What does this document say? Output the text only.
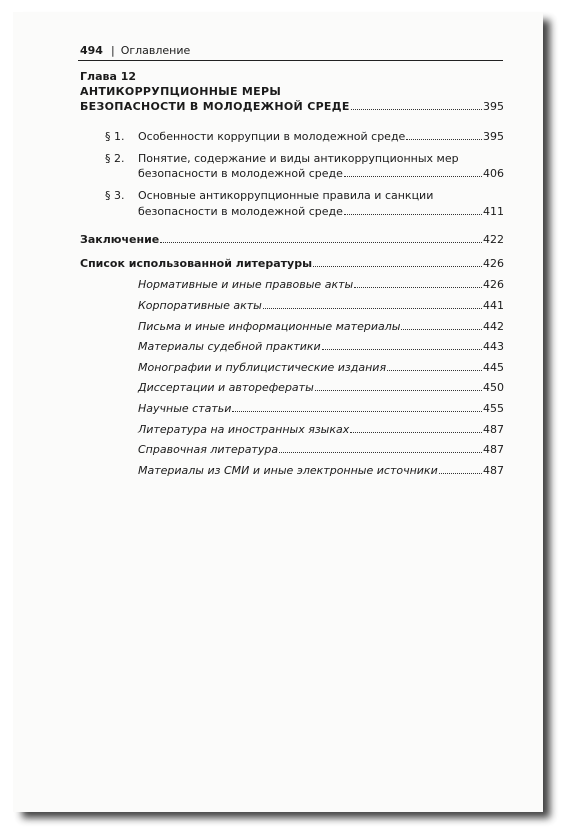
494 | Оглавление
Глава 12
АНТИКОРРУПЦИОННЫЕ МЕРЫ
БЕЗОПАСНОСТИ В МОЛОДЕЖНОЙ СРЕДЕ	395
§ 1. Особенности коррупции в молодежной среде	395
§ 2. Понятие, содержание и виды антикоррупционных мер
безопасности в молодежной среде	406
§ 3. Основные антикоррупционные правила и санкции
безопасности в молодежной среде	411
Заключение	422
Список использованной литературы	426
Нормативные и иные правовые акты	426
Корпоративные акты	441
Письма и иные информационные материалы	442
Материалы судебной практики	443
Монографии и публицистические издания	445
Диссертации и авторефераты	450
Научные статьи	455
Литература на иностранных языках	487
Справочная литература	487
Материалы из СМИ и иные электронные источники	487
